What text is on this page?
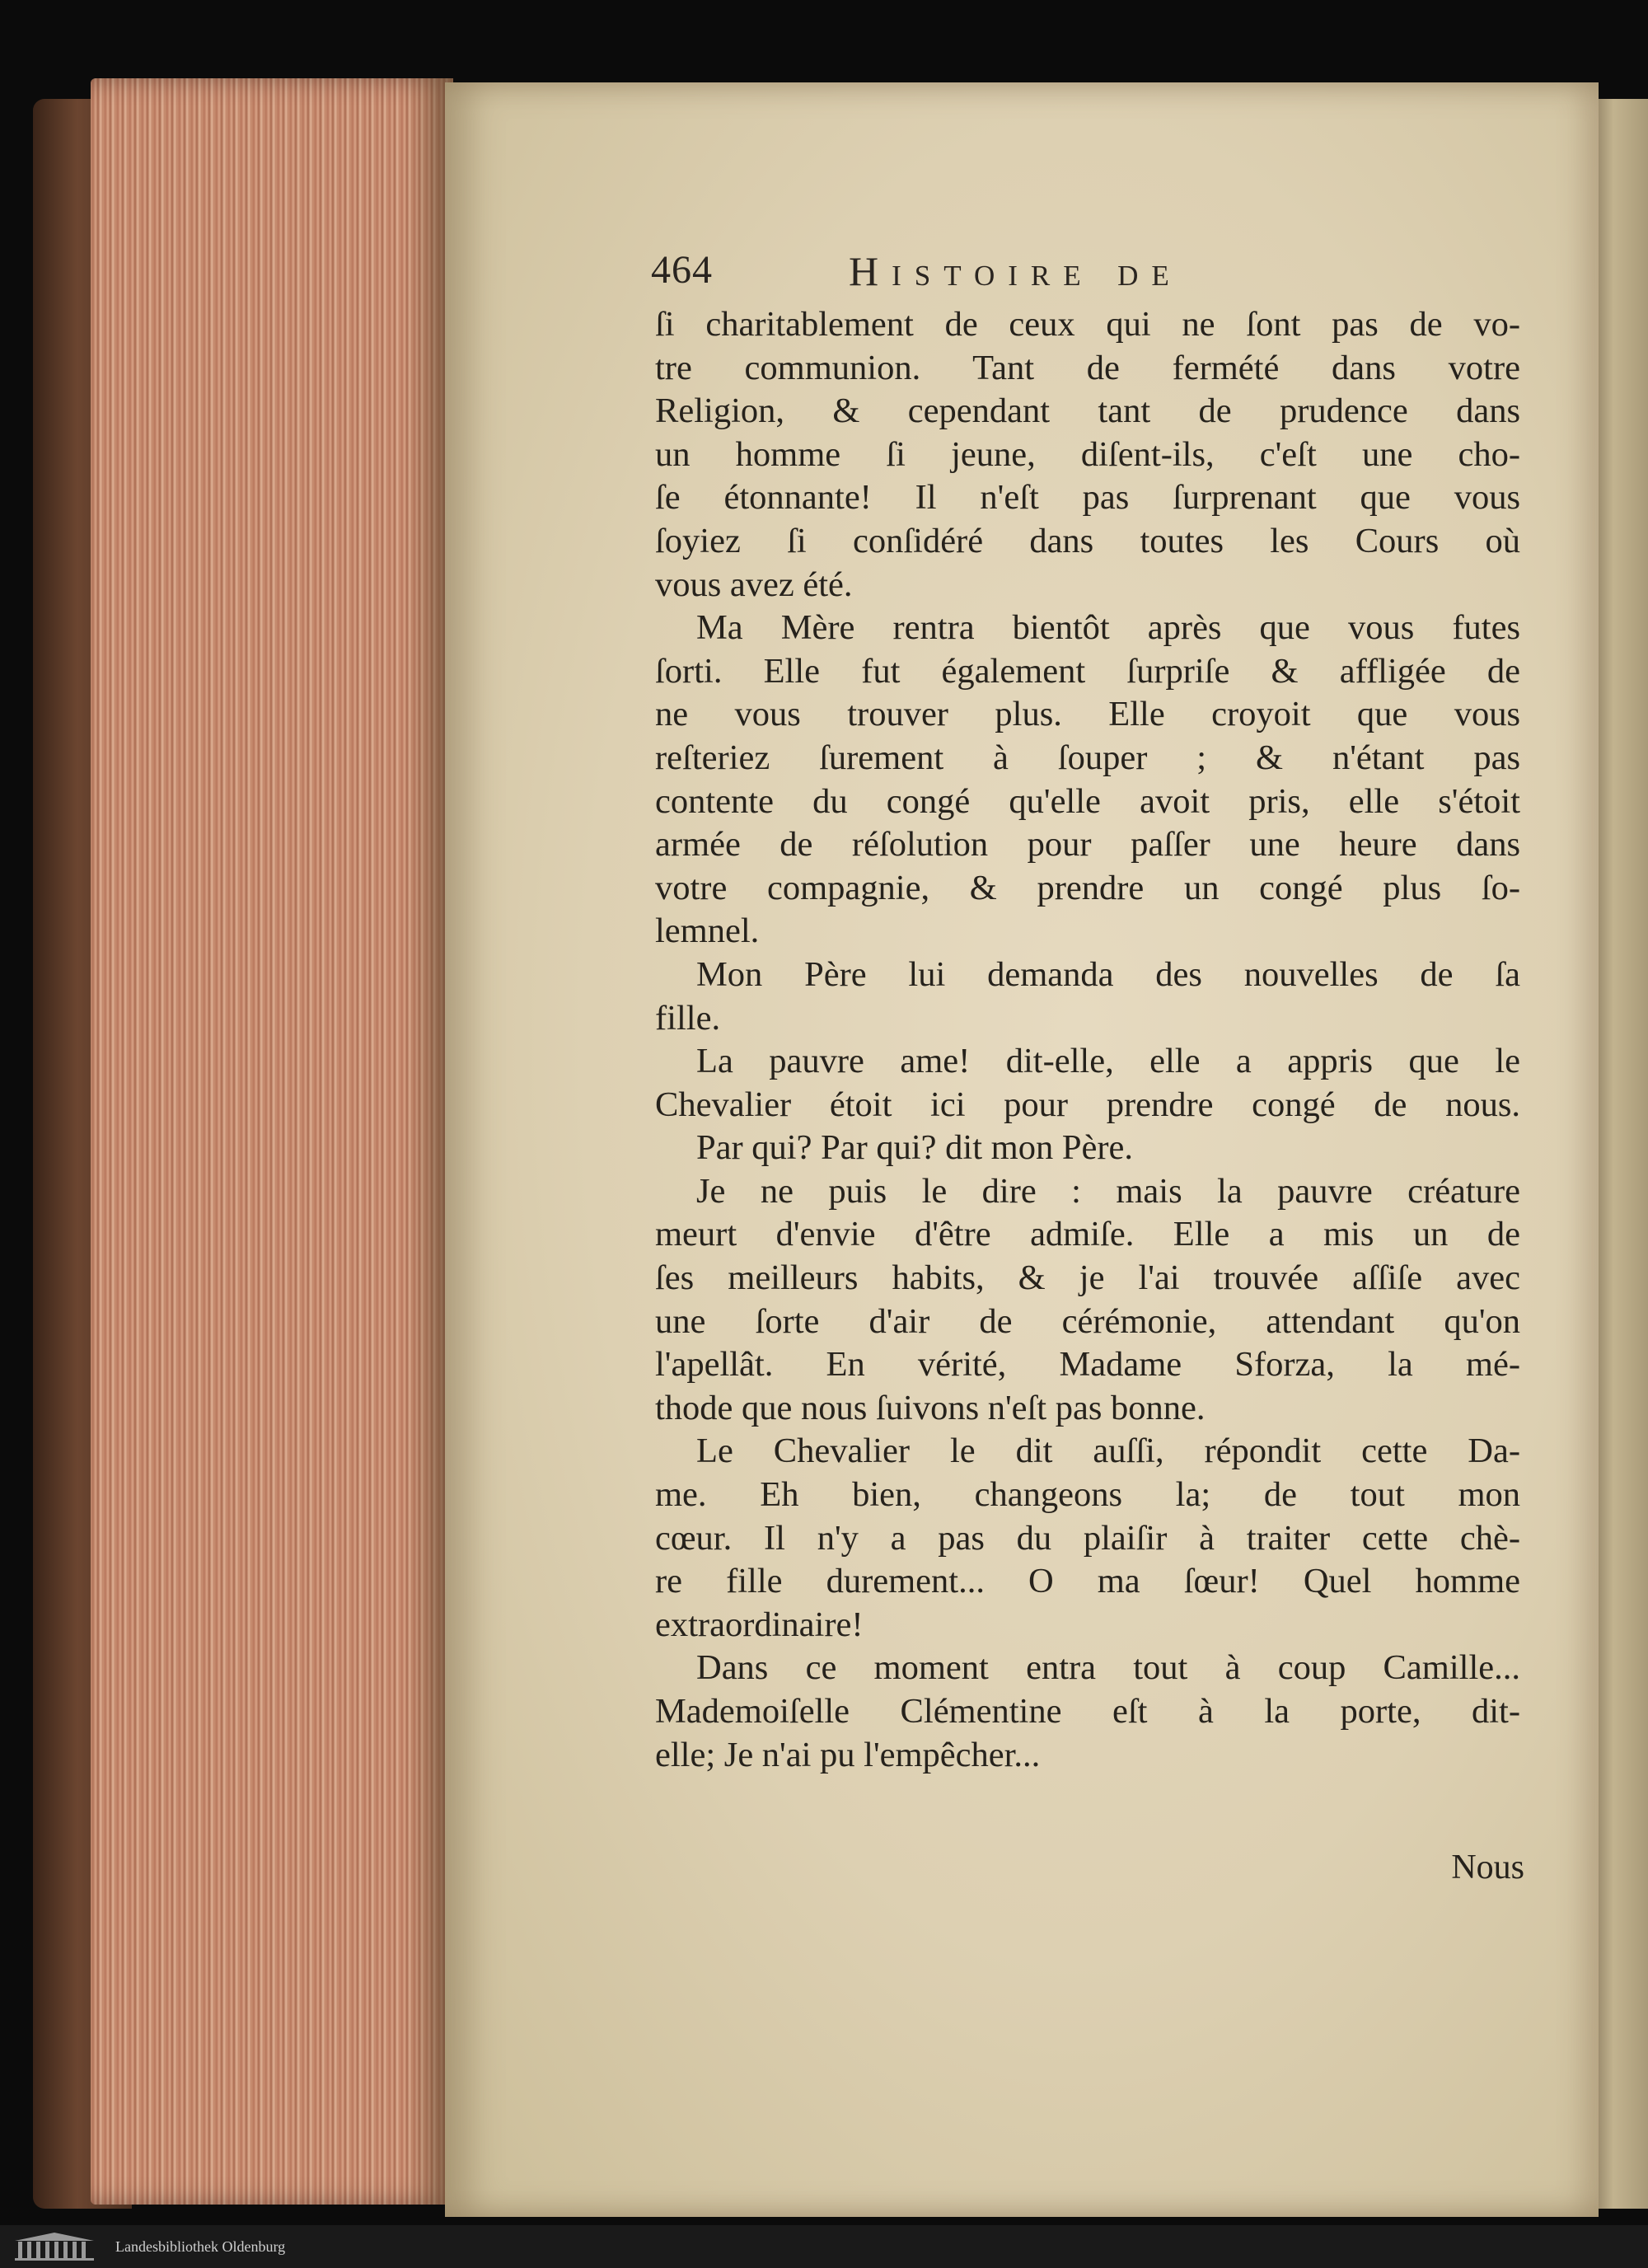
464	Histoire de
ſi charitablement de ceux qui ne ſont pas de vo-
tre communion. Tant de fermété dans votre
Religion, & cependant tant de prudence dans
un homme ſi jeune, diſent-ils, c'eſt une cho-
ſe étonnante! Il n'eſt pas ſurprenant que vous
ſoyiez ſi conſidéré dans toutes les Cours où
vous avez été.
Ma Mère rentra bientôt après que vous futes
ſorti. Elle fut également ſurpriſe & affligée de
ne vous trouver plus. Elle croyoit que vous
reſteriez ſurement à ſouper ; & n'étant pas
contente du congé qu'elle avoit pris, elle s'étoit
armée de réſolution pour paſſer une heure dans
votre compagnie, & prendre un congé plus ſo-
lemnel.
Mon Père lui demanda des nouvelles de ſa
fille.
La pauvre ame! dit-elle, elle a appris que le
Chevalier étoit ici pour prendre congé de nous.
Par qui? Par qui? dit mon Père.
Je ne puis le dire : mais la pauvre créature
meurt d'envie d'être admiſe. Elle a mis un de
ſes meilleurs habits, & je l'ai trouvée aſſiſe avec
une ſorte d'air de cérémonie, attendant qu'on
l'apellât. En vérité, Madame Sforza, la mé-
thode que nous ſuivons n'eſt pas bonne.
Le Chevalier le dit auſſi, répondit cette Da-
me. Eh bien, changeons la; de tout mon
cœur. Il n'y a pas du plaiſir à traiter cette chè-
re fille durement... O ma ſœur! Quel homme
extraordinaire!
Dans ce moment entra tout à coup Camille...
Mademoiſelle Clémentine eſt à la porte, dit-
elle; Je n'ai pu l'empêcher...
Nous
Landesbibliothek Oldenburg
